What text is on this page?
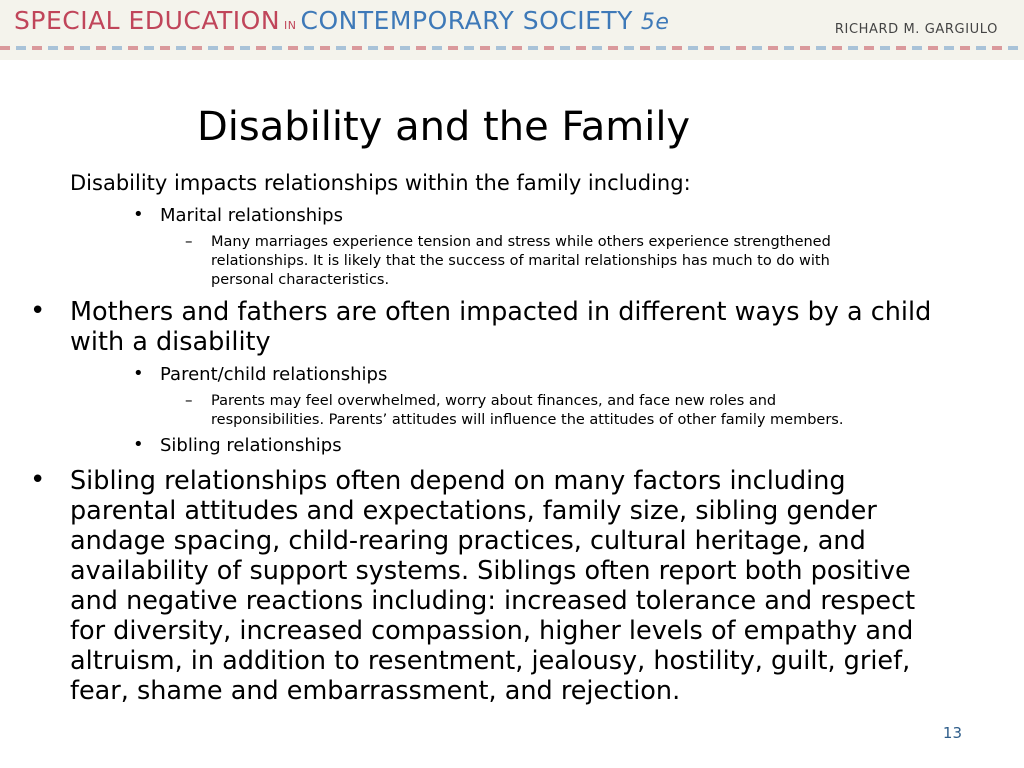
SPECIAL EDUCATION IN CONTEMPORARY SOCIETY 5e	RICHARD M. GARGIULO
Disability and the Family
Disability impacts relationships within the family including:
• Marital relationships
– Many marriages experience tension and stress while others experience strengthened
relationships. It is likely that the success of marital relationships has much to do with
personal characteristics.
• Mothers and fathers are often impacted in different ways by a child
with a disability
• Parent/child relationships
– Parents may feel overwhelmed, worry about finances, and face new roles and
responsibilities. Parents’ attitudes will influence the attitudes of other family members.
• Sibling relationships
• Sibling relationships often depend on many factors including
parental attitudes and expectations, family size, sibling gender
andage spacing, child-rearing practices, cultural heritage, and
availability of support systems. Siblings often report both positive
and negative reactions including: increased tolerance and respect
for diversity, increased compassion, higher levels of empathy and
altruism, in addition to resentment, jealousy, hostility, guilt, grief,
fear, shame and embarrassment, and rejection.
13
